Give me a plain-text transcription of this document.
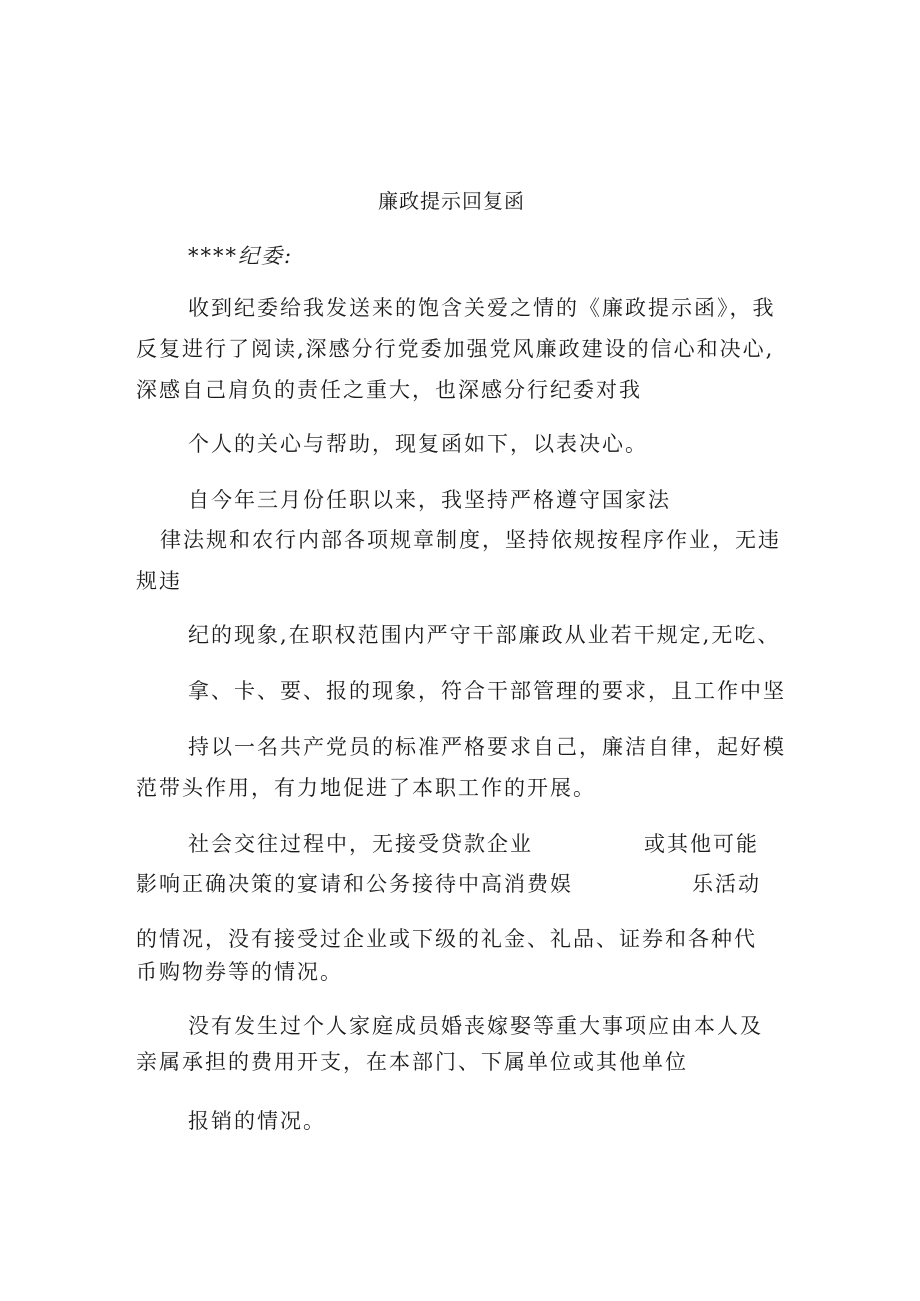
廉政提示回复函
****纪委:
收到纪委给我发送来的饱含关爱之情的《廉政提示函》，我
反复进行了阅读,深感分行党委加强党风廉政建设的信心和决心,
深感自己肩负的责任之重大，也深感分行纪委对我
个人的关心与帮助，现复函如下，以表决心。
自今年三月份任职以来，我坚持严格遵守国家法
律法规和农行内部各项规章制度，坚持依规按程序作业，无违
规违
纪的现象,在职权范围内严守干部廉政从业若干规定,无吃、
拿、卡、要、报的现象，符合干部管理的要求，且工作中坚
持以一名共产党员的标准严格要求自己，廉洁自律，起好模
范带头作用，有力地促进了本职工作的开展。
社会交往过程中，无接受贷款企业	或其他可能
影响正确决策的宴请和公务接待中高消费娱	乐活动
的情况，没有接受过企业或下级的礼金、礼品、证券和各种代
币购物券等的情况。
没有发生过个人家庭成员婚丧嫁娶等重大事项应由本人及
亲属承担的费用开支，在本部门、下属单位或其他单位
报销的情况。
